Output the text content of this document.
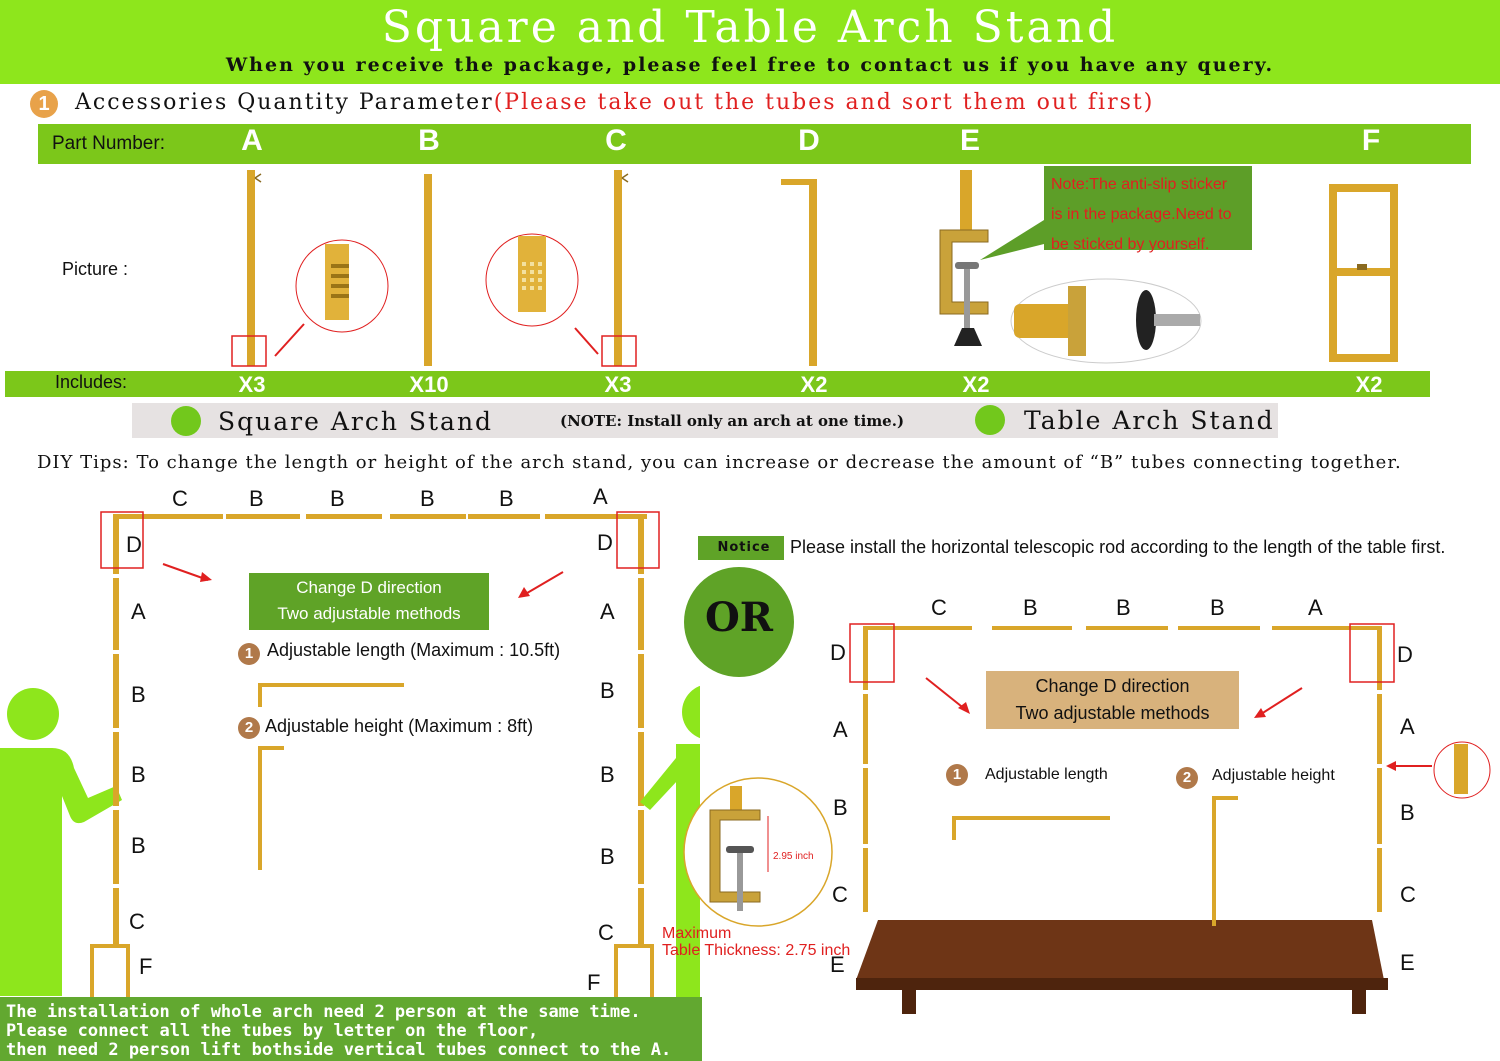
Square and Table Arch Stand
When you receive the package, please feel free to contact us if you have any query.
1	Accessories Quantity Parameter(Please take out the tubes and sort them out first)
Part Number:	A	B	C	D	E	F
Picture :
Note:The anti-slip sticker
is in the package.Need to
be sticked by yourself.
Includes:	X3	X10	X3	X2	X2	X2
Square Arch Stand	(NOTE: Install only an arch at one time.)	Table Arch Stand
DIY Tips: To change the length or height of the arch stand, you can increase or decrease the amount of “B” tubes connecting together.
C	B	B	B	B	A
D
A
B
B
B
C
F
D
A
B
B
B
C
F
Change D direction
Two adjustable methods
1 Adjustable length (Maximum : 10.5ft)
2 Adjustable height (Maximum : 8ft)
OR
Notice	Please install the horizontal telescopic rod according to the length of the table first.
C	B	B	B	A
D
A
B
C
E
D
A
B
C
E
Change D direction
Two adjustable methods
1	Adjustable length	2	Adjustable height
2.95 inch
Maximum
Table Thickness: 2.75 inch
The installation of whole arch need 2 person at the same time.
Please connect all the tubes by letter on the floor,
then need 2 person lift bothside vertical tubes connect to the A.
